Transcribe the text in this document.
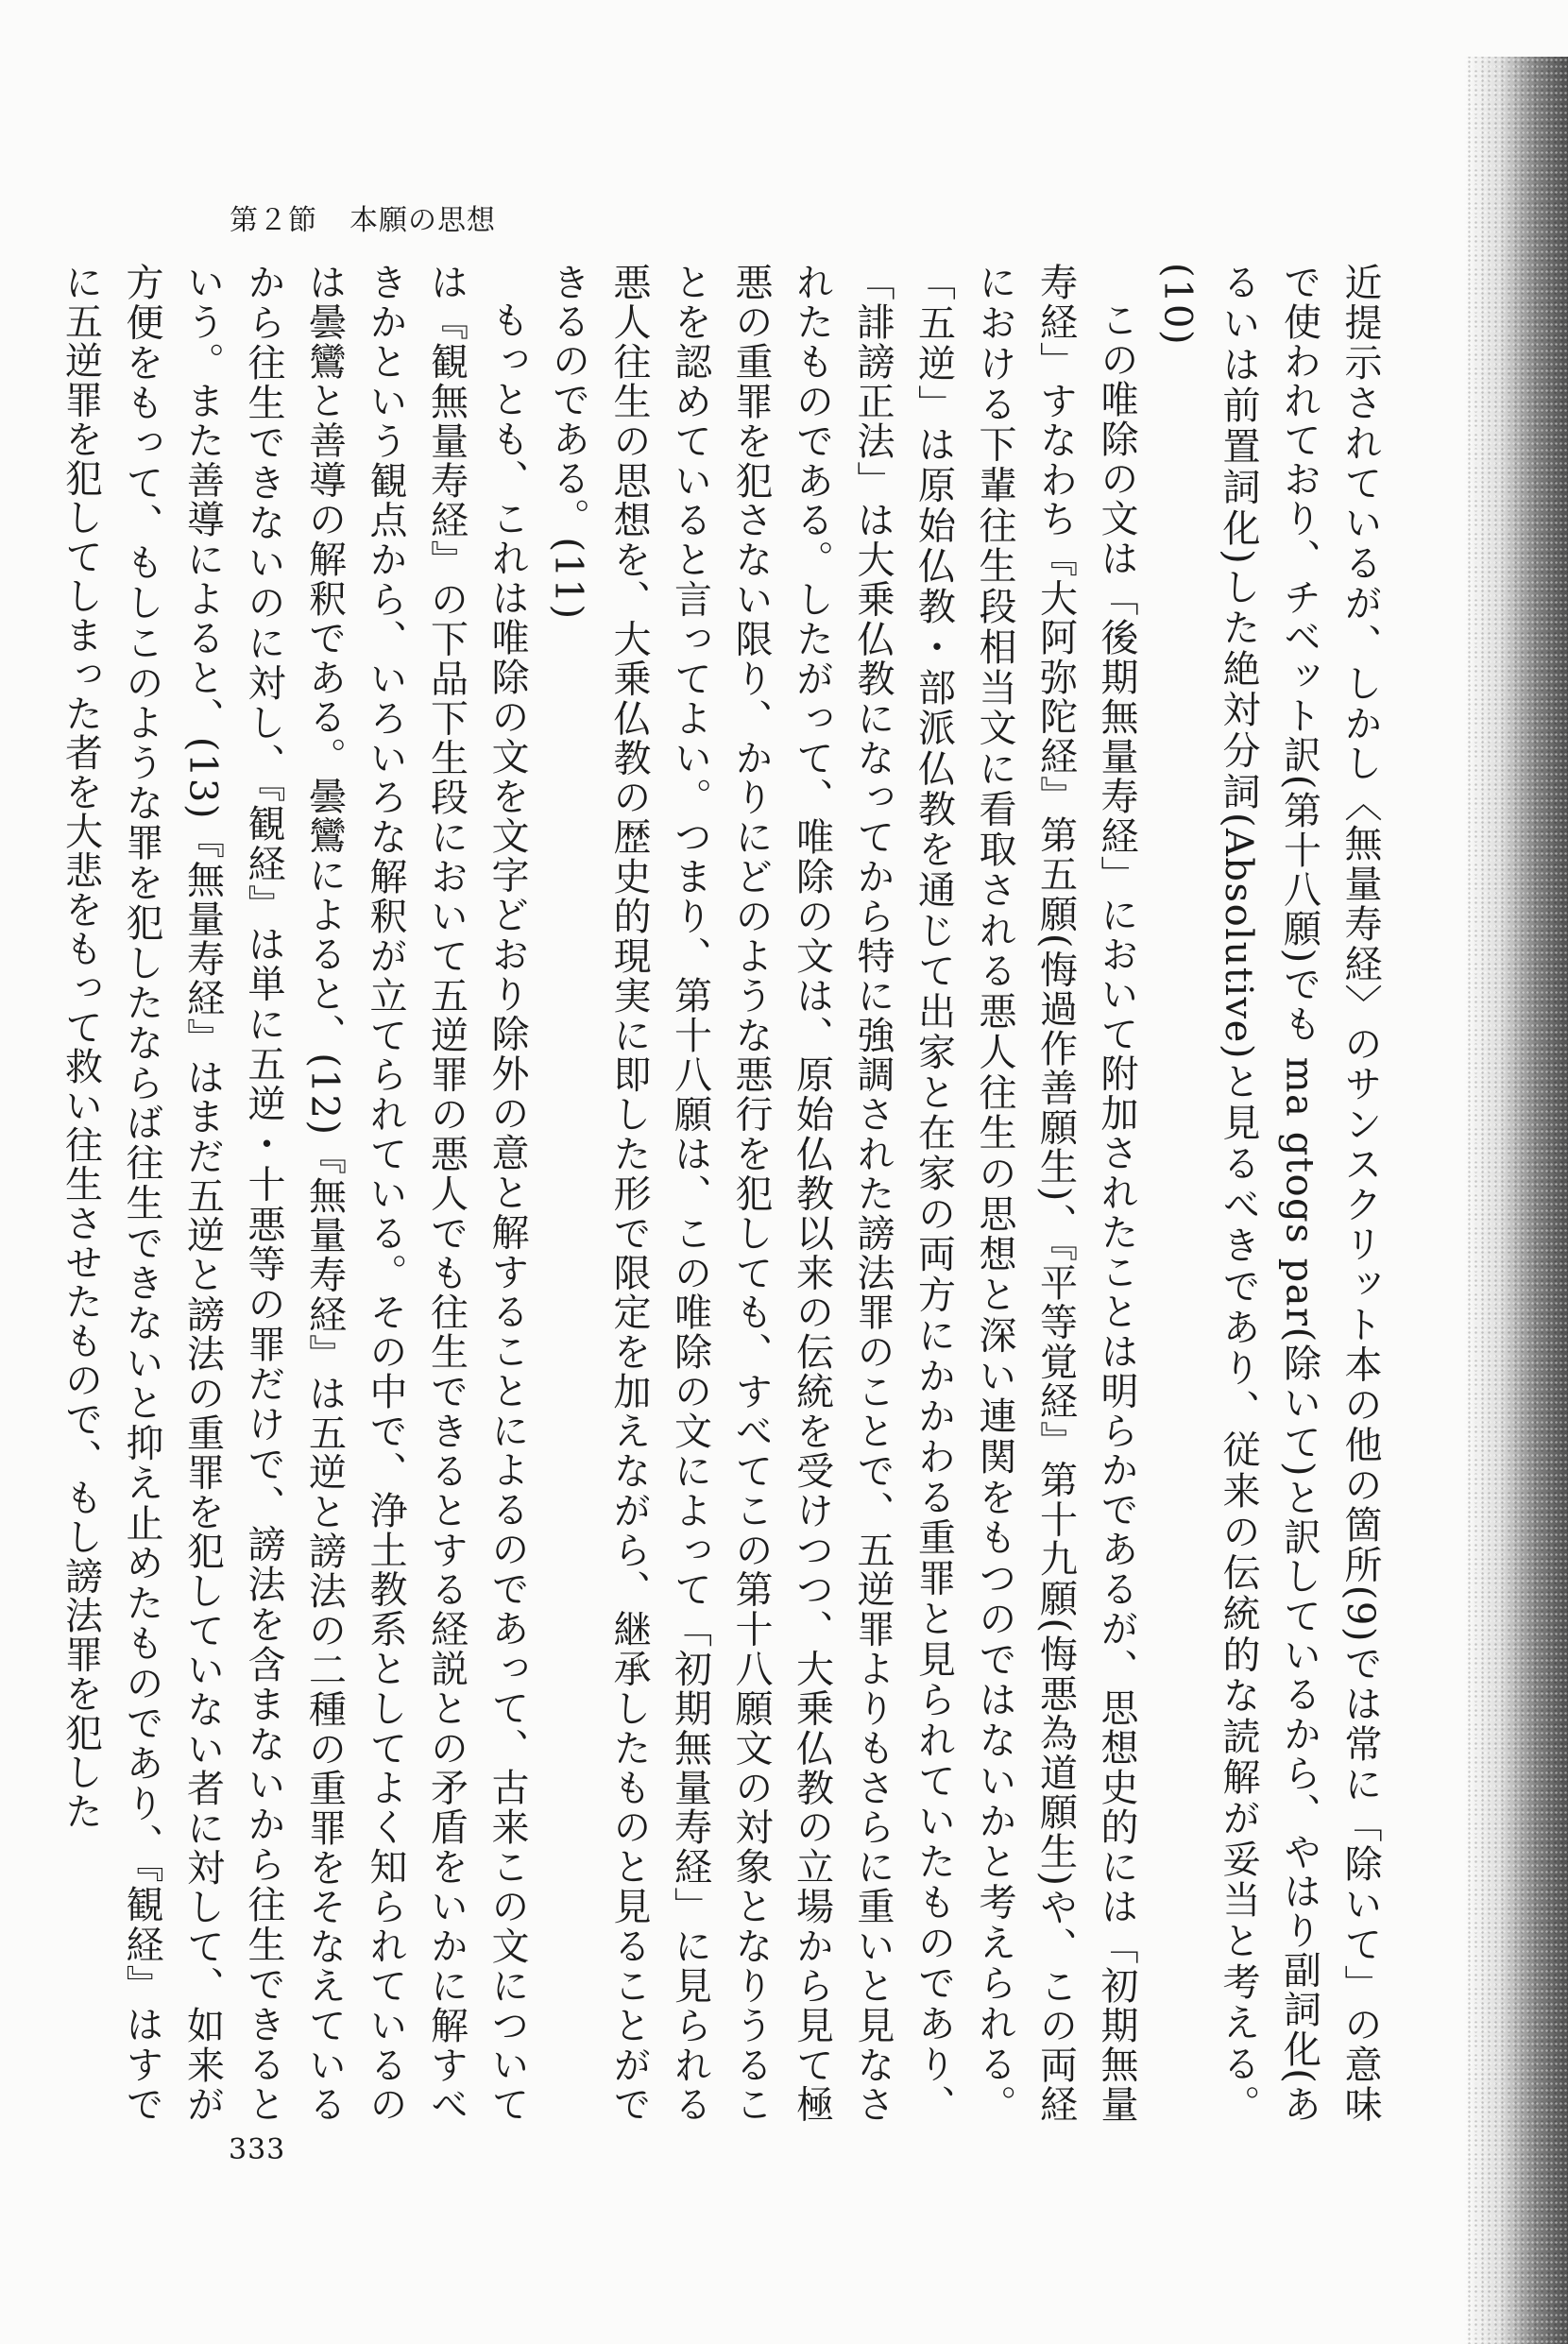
第２節 本願の思想

近提示されているが、しかし〈無量寿経〉のサンスクリット本の他の箇所(9)では常に「除いて」の意味で使われており、チベット訳(第十八願)でも ma gtogs par(除いて)と訳しているから、やはり副詞化(あるいは前置詞化)した絶対分詞(Absolutive)と見るべきであり、従来の伝統的な読解が妥当と考える。(10)

この唯除の文は「後期無量寿経」において附加されたことは明らかであるが、思想史的には「初期無量寿経」すなわち『大阿弥陀経』第五願(悔過作善願生)、『平等覚経』第十九願(悔悪為道願生)や、この両経における下輩往生段相当文に看取される悪人往生の思想と深い連関をもつのではないかと考えられる。「五逆」は原始仏教・部派仏教を通じて出家と在家の両方にかかわる重罪と見られていたものであり、「誹謗正法」は大乗仏教になってから特に強調された謗法罪のことで、五逆罪よりもさらに重いと見なされたものである。したがって、唯除の文は、原始仏教以来の伝統を受けつつ、大乗仏教の立場から見て極悪の重罪を犯さない限り、かりにどのような悪行を犯しても、すべてこの第十八願文の対象となりうることを認めていると言ってよい。つまり、第十八願は、この唯除の文によって「初期無量寿経」に見られる悪人往生の思想を、大乗仏教の歴史的現実に即した形で限定を加えながら、継承したものと見ることができるのである。(11)

もっとも、これは唯除の文を文字どおり除外の意と解することによるのであって、古来この文については『観無量寿経』の下品下生段において五逆罪の悪人でも往生できるとする経説との矛盾をいかに解すべきかという観点から、いろいろな解釈が立てられている。その中で、浄土教系としてよく知られているのは曇鸞と善導の解釈である。曇鸞によると、(12)『無量寿経』は五逆と謗法の二種の重罪をそなえているから往生できないのに対し、『観経』は単に五逆・十悪等の罪だけで、謗法を含まないから往生できるという。また善導によると、(13)『無量寿経』はまだ五逆と謗法の重罪を犯していない者に対して、如来が方便をもって、もしこのような罪を犯したならば往生できないと抑え止めたものであり、『観経』はすでに五逆罪を犯してしまった者を大悲をもって救い往生させたもので、もし謗法罪を犯した

333
